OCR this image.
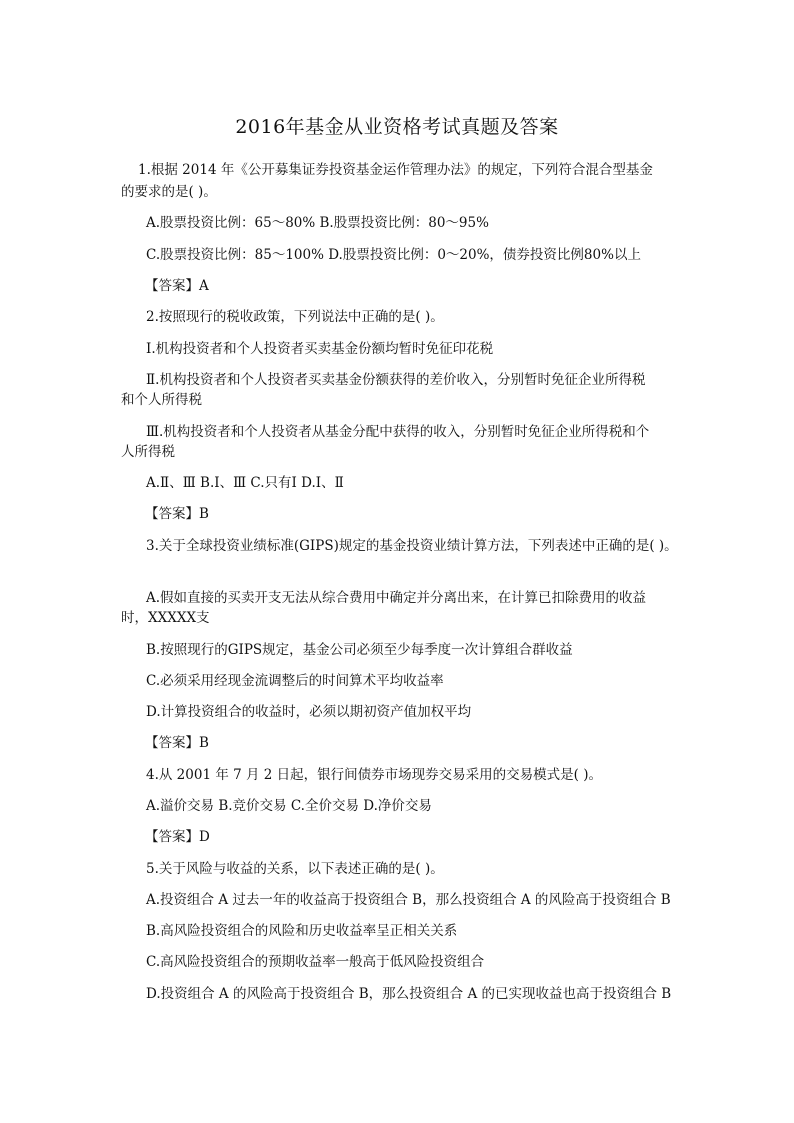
2016年基金从业资格考试真题及答案
1.根据 2014 年《公开募集证券投资基金运作管理办法》的规定，下列符合混合型基金
的要求的是( )。
A.股票投资比例：65～80% B.股票投资比例：80～95%
C.股票投资比例：85～100% D.股票投资比例：0～20%，债券投资比例80%以上
【答案】A
2.按照现行的税收政策，下列说法中正确的是( )。
Ⅰ.机构投资者和个人投资者买卖基金份额均暂时免征印花税
Ⅱ.机构投资者和个人投资者买卖基金份额获得的差价收入，分别暂时免征企业所得税
和个人所得税
Ⅲ.机构投资者和个人投资者从基金分配中获得的收入，分别暂时免征企业所得税和个
人所得税
A.Ⅱ、Ⅲ B.Ⅰ、Ⅲ C.只有Ⅰ D.Ⅰ、Ⅱ
【答案】B
3.关于全球投资业绩标准(GIPS)规定的基金投资业绩计算方法，下列表述中正确的是( )。
A.假如直接的买卖开支无法从综合费用中确定并分离出来，在计算已扣除费用的收益
时，XXXXX支
B.按照现行的GIPS规定，基金公司必须至少每季度一次计算组合群收益
C.必须采用经现金流调整后的时间算术平均收益率
D.计算投资组合的收益时，必须以期初资产值加权平均
【答案】B
4.从 2001 年 7 月 2 日起，银行间债券市场现券交易采用的交易模式是( )。
A.溢价交易 B.竞价交易 C.全价交易 D.净价交易
【答案】D
5.关于风险与收益的关系，以下表述正确的是( )。
A.投资组合 A 过去一年的收益高于投资组合 B，那么投资组合 A 的风险高于投资组合 B
B.高风险投资组合的风险和历史收益率呈正相关关系
C.高风险投资组合的预期收益率一般高于低风险投资组合
D.投资组合 A 的风险高于投资组合 B，那么投资组合 A 的已实现收益也高于投资组合 B
